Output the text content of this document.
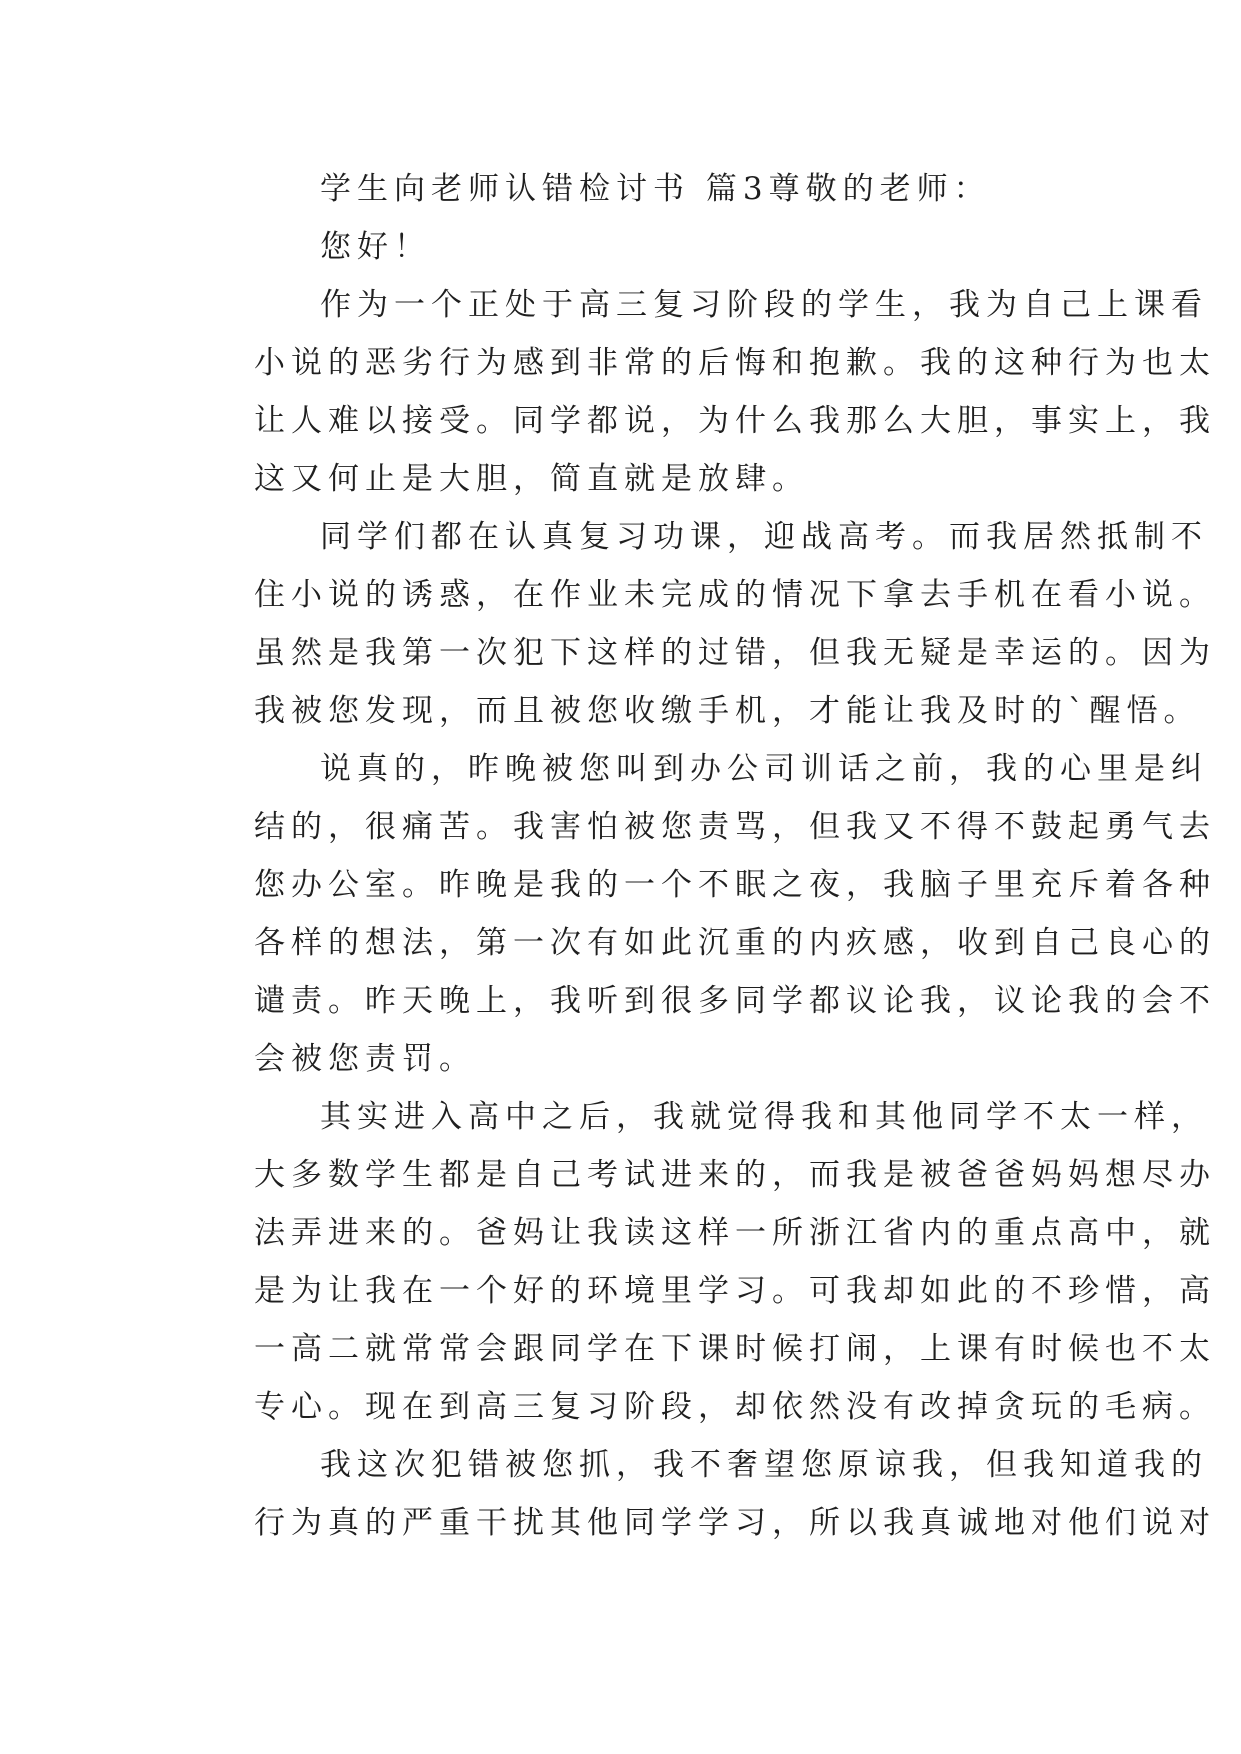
学生向老师认错检讨书 篇3尊敬的老师：
您好！
作为一个正处于高三复习阶段的学生，我为自己上课看
小说的恶劣行为感到非常的后悔和抱歉。我的这种行为也太
让人难以接受。同学都说，为什么我那么大胆，事实上，我
这又何止是大胆，简直就是放肆。
同学们都在认真复习功课，迎战高考。而我居然抵制不
住小说的诱惑，在作业未完成的情况下拿去手机在看小说。
虽然是我第一次犯下这样的过错，但我无疑是幸运的。因为
我被您发现，而且被您收缴手机，才能让我及时的`醒悟。
说真的，昨晚被您叫到办公司训话之前，我的心里是纠
结的，很痛苦。我害怕被您责骂，但我又不得不鼓起勇气去
您办公室。昨晚是我的一个不眠之夜，我脑子里充斥着各种
各样的想法，第一次有如此沉重的内疚感，收到自己良心的
谴责。昨天晚上，我听到很多同学都议论我，议论我的会不
会被您责罚。
其实进入高中之后，我就觉得我和其他同学不太一样，
大多数学生都是自己考试进来的，而我是被爸爸妈妈想尽办
法弄进来的。爸妈让我读这样一所浙江省内的重点高中，就
是为让我在一个好的环境里学习。可我却如此的不珍惜，高
一高二就常常会跟同学在下课时候打闹，上课有时候也不太
专心。现在到高三复习阶段，却依然没有改掉贪玩的毛病。
我这次犯错被您抓，我不奢望您原谅我，但我知道我的
行为真的严重干扰其他同学学习，所以我真诚地对他们说对
